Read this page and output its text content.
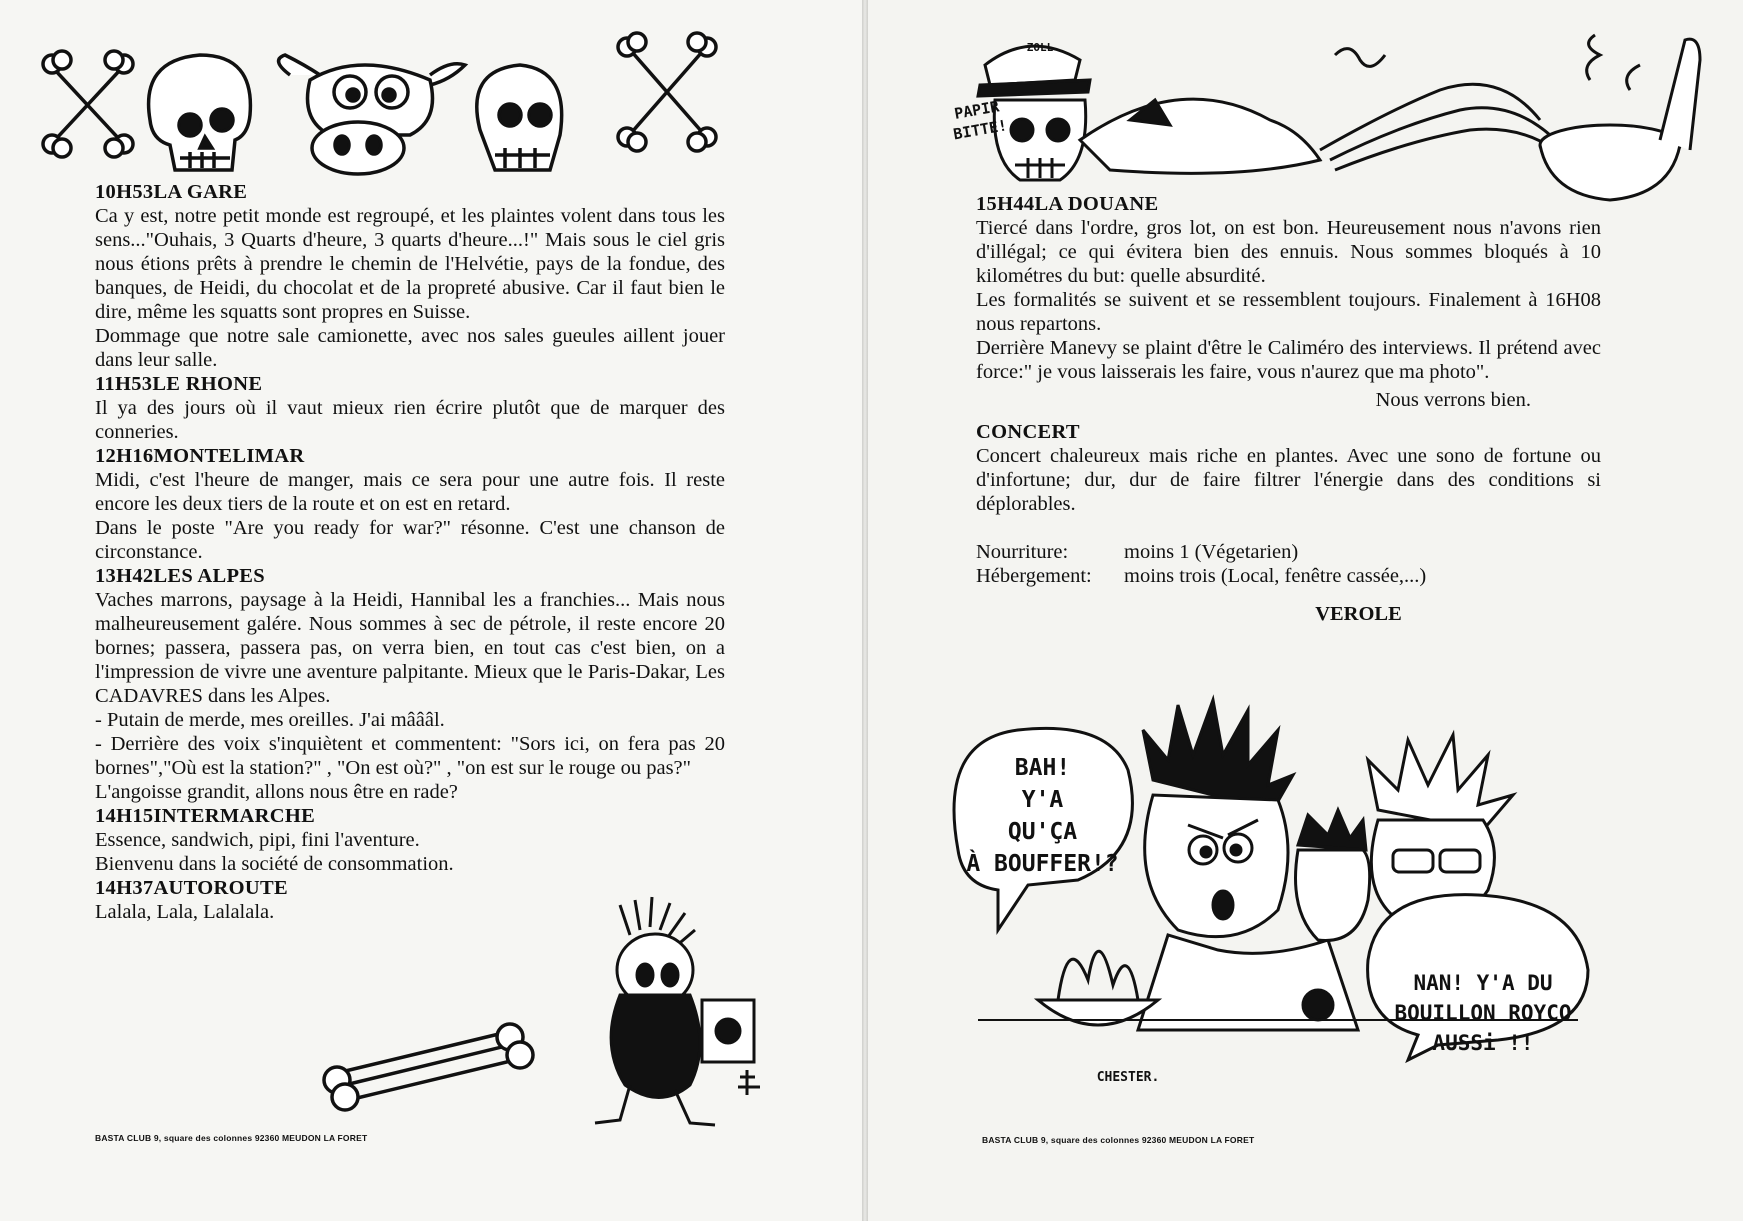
10H53LA GARE

Ca y est, notre petit monde est regroupé, et les plaintes volent dans tous les sens..."Ouhais, 3 Quarts d'heure, 3 quarts d'heure...!" Mais sous le ciel gris nous étions prêts à prendre le chemin de l'Helvétie, pays de la fondue, des banques, de Heidi, du chocolat et de la propreté abusive. Car il faut bien le dire, même les squatts sont propres en Suisse.

Dommage que notre sale camionette, avec nos sales gueules aillent jouer dans leur salle.

11H53LE RHONE

Il ya des jours où il vaut mieux rien écrire plutôt que de marquer des conneries.

12H16MONTELIMAR

Midi, c'est l'heure de manger, mais ce sera pour une autre fois. Il reste encore les deux tiers de la route et on est en retard.

Dans le poste "Are you ready for war?" résonne. C'est une chanson de circonstance.

13H42LES ALPES

Vaches marrons, paysage à la Heidi, Hannibal les a franchies... Mais nous malheureusement galére. Nous sommes à sec de pétrole, il reste encore 20 bornes; passera, passera pas, on verra bien, en tout cas c'est bien, on a l'impression de vivre une aventure palpitante. Mieux que le Paris-Dakar, Les CADAVRES dans les Alpes.

- Putain de merde, mes oreilles. J'ai mâââl.

- Derrière des voix s'inquiètent et commentent: "Sors ici, on fera pas 20 bornes","Où est la station?" , "On est où?" , "on est sur le rouge ou pas?"

L'angoisse grandit, allons nous être en rade?

14H15INTERMARCHE

Essence, sandwich, pipi, fini l'aventure.

Bienvenu dans la société de consommation.

14H37AUTOROUTE

Lalala, Lala, Lalalala.

BASTA CLUB 9, square des colonnes 92360 MEUDON LA FORET
ZOLL
PAPIR BITTE!
15H44LA DOUANE

Tiercé dans l'ordre, gros lot, on est bon. Heureusement nous n'avons rien d'illégal; ce qui évitera bien des ennuis. Nous sommes bloqués à 10 kilométres du but: quelle absurdité.

Les formalités se suivent et se ressemblent toujours. Finalement à 16H08 nous repartons.

Derrière Manevy se plaint d'être le Caliméro des interviews. Il prétend avec force:" je vous laisserais les faire, vous n'aurez que ma photo".

Nous verrons bien.

CONCERT

Concert chaleureux mais riche en plantes. Avec une sono de fortune ou d'infortune; dur, dur de faire filtrer l'énergie dans des conditions si déplorables.

Nourriture:	moins 1 (Végetarien)
Hébergement:	moins trois (Local, fenêtre cassée,...)
VEROLE
BAH!
Y'A
QU'ÇA
À BOUFFER!?
NAN! Y'A DU
BOUILLON ROYCO
AUSSi !!
CHESTER.
BASTA CLUB 9, square des colonnes 92360 MEUDON LA FORET
